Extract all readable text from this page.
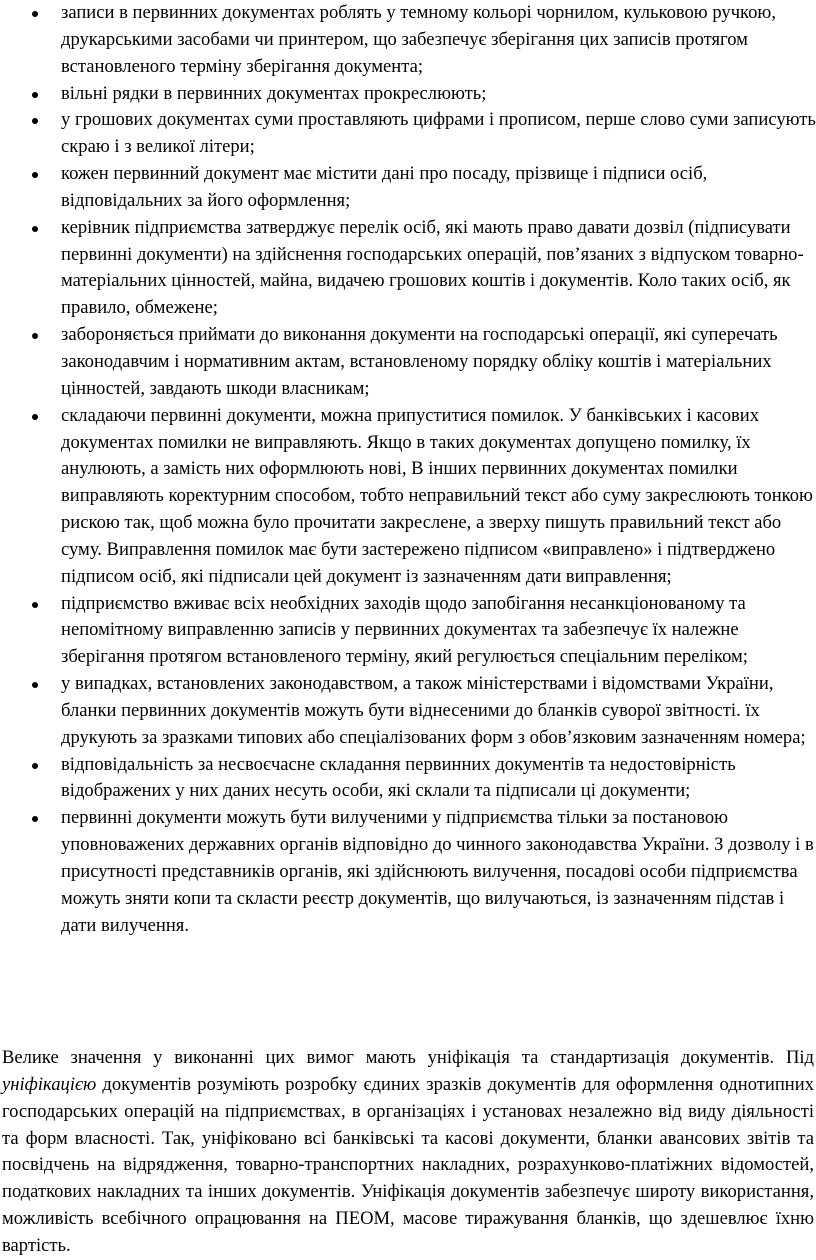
записи в первинних документах роблять у темному кольорі чорнилом, кульковою ручкою, друкарськими засобами чи принтером, що забезпечує зберігання цих записів протягом встановленого терміну зберігання документа;
вільні рядки в первинних документах прокреслюють;
у грошових документах суми проставляють цифрами і прописом, перше слово суми записують скраю і з великої літери;
кожен первинний документ має містити дані про посаду, прізвище і підписи осіб, відповідальних за його оформлення;
керівник підприємства затверджує перелік осіб, які мають право давати дозвіл (підписувати первинні документи) на здійснення господарських операцій, пов’язаних з відпуском товарно-матеріальних цінностей, майна, видачею грошових коштів і документів. Коло таких осіб, як правило, обмежене;
забороняється приймати до виконання документи на господарські операції, які суперечать законодавчим і нормативним актам, встановленому порядку обліку коштів і матеріальних цінностей, завдають шкоди власникам;
складаючи первинні документи, можна припуститися помилок. У банківських і касових документах помилки не виправляють. Якщо в таких документах допущено помилку, їх анулюють, а замість них оформлюють нові, В інших первинних документах помилки виправляють коректурним способом, тобто неправильний текст або суму закреслюють тонкою рискою так, щоб можна було прочитати закреслене, а зверху пишуть правильний текст або суму. Виправлення помилок має бути застережено підписом «виправлено» і підтверджено підписом осіб, які підписали цей документ із зазначенням дати виправлення;
підприємство вживає всіх необхідних заходів щодо запобігання несанкціонованому та непомітному виправленню записів у первинних документах та забезпечує їх належне зберігання протягом встановленого терміну, який регулюється спеціальним переліком;
у випадках, встановлених законодавством, а також міністерствами і відомствами України, бланки первинних документів можуть бути віднесеними до бланків суворої звітності. їх друкують за зразками типових або спеціалізованих форм з обов’язковим зазначенням номера;
відповідальність за несвоєчасне складання первинних документів та недостовірність відображених у них даних несуть особи, які склали та підписали ці документи;
первинні документи можуть бути вилученими у підприємства тільки за постановою уповноважених державних органів відповідно до чинного законодавства України. З дозволу і в присутності представників органів, які здійснюють вилучення, посадові особи підприємства можуть зняти копи та скласти реєстр документів, що вилучаються, із зазначенням підстав і дати вилучення.

Велике значення у виконанні цих вимог мають уніфікація та стандартизація документів. Під уніфікацією документів розуміють розробку єдиних зразків документів для оформлення однотипних господарських операцій на підприємствах, в організаціях і установах незалежно від виду діяльності та форм власності. Так, уніфіковано всі банківські та касові документи, бланки авансових звітів та посвідчень на відрядження, товарно-транспортних накладних, розрахунково-платіжних відомостей, податкових накладних та інших документів. Уніфікація документів забезпечує широту використання, можливість всебічного опрацювання на ПЕОМ, масове тиражування бланків, що здешевлює їхню вартість.
